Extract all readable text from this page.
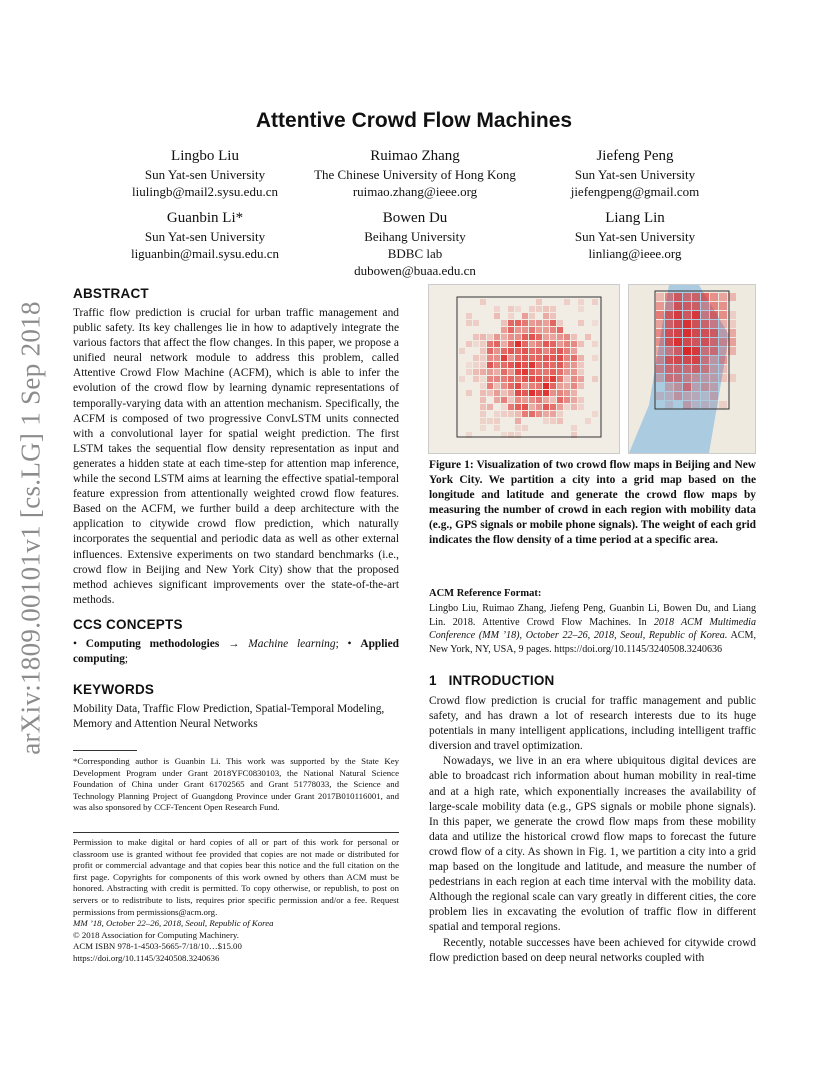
arXiv:1809.00101v1 [cs.LG] 1 Sep 2018
Attentive Crowd Flow Machines
Lingbo Liu
Sun Yat-sen University
liulingb@mail2.sysu.edu.cn
Ruimao Zhang
The Chinese University of Hong Kong
ruimao.zhang@ieee.org
Jiefeng Peng
Sun Yat-sen University
jiefengpeng@gmail.com
Guanbin Li*
Sun Yat-sen University
liguanbin@mail.sysu.edu.cn
Bowen Du
Beihang University
BDBC lab
dubowen@buaa.edu.cn
Liang Lin
Sun Yat-sen University
linliang@ieee.org
ABSTRACT
Traffic flow prediction is crucial for urban traffic management and public safety. Its key challenges lie in how to adaptively integrate the various factors that affect the flow changes. In this paper, we propose a unified neural network module to address this problem, called Attentive Crowd Flow Machine (ACFM), which is able to infer the evolution of the crowd flow by learning dynamic representations of temporally-varying data with an attention mechanism. Specifically, the ACFM is composed of two progressive ConvLSTM units connected with a convolutional layer for spatial weight prediction. The first LSTM takes the sequential flow density representation as input and generates a hidden state at each time-step for attention map inference, while the second LSTM aims at learning the effective spatial-temporal feature expression from attentionally weighted crowd flow features. Based on the ACFM, we further build a deep architecture with the application to citywide crowd flow prediction, which naturally incorporates the sequential and periodic data as well as other external influences. Extensive experiments on two standard benchmarks (i.e., crowd flow in Beijing and New York City) show that the proposed method achieves significant improvements over the state-of-the-art methods.
CCS CONCEPTS
• Computing methodologies → Machine learning; • Applied computing;
KEYWORDS
Mobility Data, Traffic Flow Prediction, Spatial-Temporal Modeling, Memory and Attention Neural Networks
*Corresponding author is Guanbin Li. This work was supported by the State Key Development Program under Grant 2018YFC0830103, the National Natural Science Foundation of China under Grant 61702565 and Grant 51778033, the Science and Technology Planning Project of Guangdong Province under Grant 2017B010116001, and was also sponsored by CCF-Tencent Open Research Fund.
Permission to make digital or hard copies of all or part of this work for personal or classroom use is granted without fee provided that copies are not made or distributed for profit or commercial advantage and that copies bear this notice and the full citation on the first page. Copyrights for components of this work owned by others than ACM must be honored. Abstracting with credit is permitted. To copy otherwise, or republish, to post on servers or to redistribute to lists, requires prior specific permission and/or a fee. Request permissions from permissions@acm.org.
MM ’18, October 22–26, 2018, Seoul, Republic of Korea
© 2018 Association for Computing Machinery.
ACM ISBN 978-1-4503-5665-7/18/10…$15.00
https://doi.org/10.1145/3240508.3240636
Figure 1: Visualization of two crowd flow maps in Beijing and New York City. We partition a city into a grid map based on the longitude and latitude and generate the crowd flow maps by measuring the number of crowd in each region with mobility data (e.g., GPS signals or mobile phone signals). The weight of each grid indicates the flow density of a time period at a specific area.
ACM Reference Format:
Lingbo Liu, Ruimao Zhang, Jiefeng Peng, Guanbin Li, Bowen Du, and Liang Lin. 2018. Attentive Crowd Flow Machines. In 2018 ACM Multimedia Conference (MM ’18), October 22–26, 2018, Seoul, Republic of Korea. ACM, New York, NY, USA, 9 pages. https://doi.org/10.1145/3240508.3240636
1 INTRODUCTION

Crowd flow prediction is crucial for traffic management and public safety, and has drawn a lot of research interests due to its huge potentials in many intelligent applications, including intelligent traffic diversion and travel optimization.

Nowadays, we live in an era where ubiquitous digital devices are able to broadcast rich information about human mobility in real-time and at a high rate, which exponentially increases the availability of large-scale mobility data (e.g., GPS signals or mobile phone signals). In this paper, we generate the crowd flow maps from these mobility data and utilize the historical crowd flow maps to forecast the future crowd flow of a city. As shown in Fig. 1, we partition a city into a grid map based on the longitude and latitude, and measure the number of pedestrians in each region at each time interval with the mobility data. Although the regional scale can vary greatly in different cities, the core problem lies in excavating the evolution of traffic flow in different spatial and temporal regions.

Recently, notable successes have been achieved for citywide crowd flow prediction based on deep neural networks coupled with
